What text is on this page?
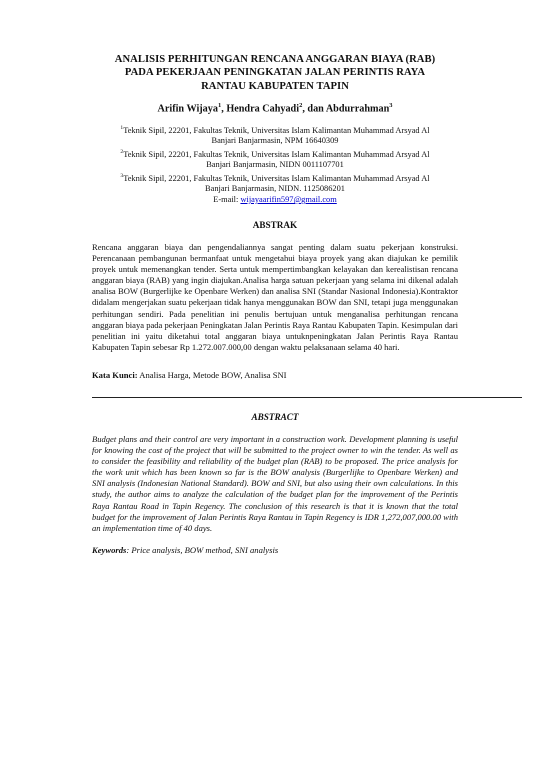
ANALISIS PERHITUNGAN RENCANA ANGGARAN BIAYA (RAB)
PADA PEKERJAAN PENINGKATAN JALAN PERINTIS RAYA
RANTAU KABUPATEN TAPIN
Arifin Wijaya$^1$, Hendra Cahyadi$^2$, dan Abdurrahman$^3$
$^1$Teknik Sipil, 22201, Fakultas Teknik, Universitas Islam Kalimantan Muhammad Arsyad Al
Banjari Banjarmasin, NPM 16640309
$^2$Teknik Sipil, 22201, Fakultas Teknik, Universitas Islam Kalimantan Muhammad Arsyad Al
Banjari Banjarmasin, NIDN 0011107701
$^3$Teknik Sipil, 22201, Fakultas Teknik, Universitas Islam Kalimantan Muhammad Arsyad Al
Banjari Banjarmasin, NIDN. 1125086201
E-mail: wijayaarifin597@gmail.com
ABSTRAK
Rencana anggaran biaya dan pengendaliannya sangat penting dalam suatu pekerjaan konstruksi. Perencanaan pembangunan bermanfaat untuk mengetahui biaya proyek yang akan diajukan ke pemilik proyek untuk memenangkan tender. Serta untuk mempertimbangkan kelayakan dan kerealistisan rencana anggaran biaya (RAB) yang ingin diajukan.Analisa harga satuan pekerjaan yang selama ini dikenal adalah analisa BOW (Burgerlijke ke Openbare Werken) dan analisa SNI (Standar Nasional Indonesia).Kontraktor didalam mengerjakan suatu pekerjaan tidak hanya menggunakan BOW dan SNI, tetapi juga menggunakan perhitungan sendiri. Pada penelitian ini penulis bertujuan untuk menganalisa perhitungan rencana anggaran biaya pada pekerjaan Peningkatan Jalan Perintis Raya Rantau Kabupaten Tapin. Kesimpulan dari penelitian ini yaitu diketahui total anggaran biaya untuknpeningkatan Jalan Perintis Raya Rantau Kabupaten Tapin sebesar Rp 1.272.007.000,00 dengan waktu pelaksanaan selama 40 hari.
Kata Kunci: Analisa Harga, Metode BOW, Analisa SNI
ABSTRACT
Budget plans and their control are very important in a construction work. Development planning is useful for knowing the cost of the project that will be submitted to the project owner to win the tender. As well as to consider the feasibility and reliability of the budget plan (RAB) to be proposed. The price analysis for the work unit which has been known so far is the BOW analysis (Burgerlijke to Openbare Werken) and SNI analysis (Indonesian National Standard). BOW and SNI, but also using their own calculations. In this study, the author aims to analyze the calculation of the budget plan for the improvement of the Perintis Raya Rantau Road in Tapin Regency. The conclusion of this research is that it is known that the total budget for the improvement of Jalan Perintis Raya Rantau in Tapin Regency is IDR 1,272,007,000.00 with an implementation time of 40 days.
Keywords: Price analysis, BOW method, SNI analysis
